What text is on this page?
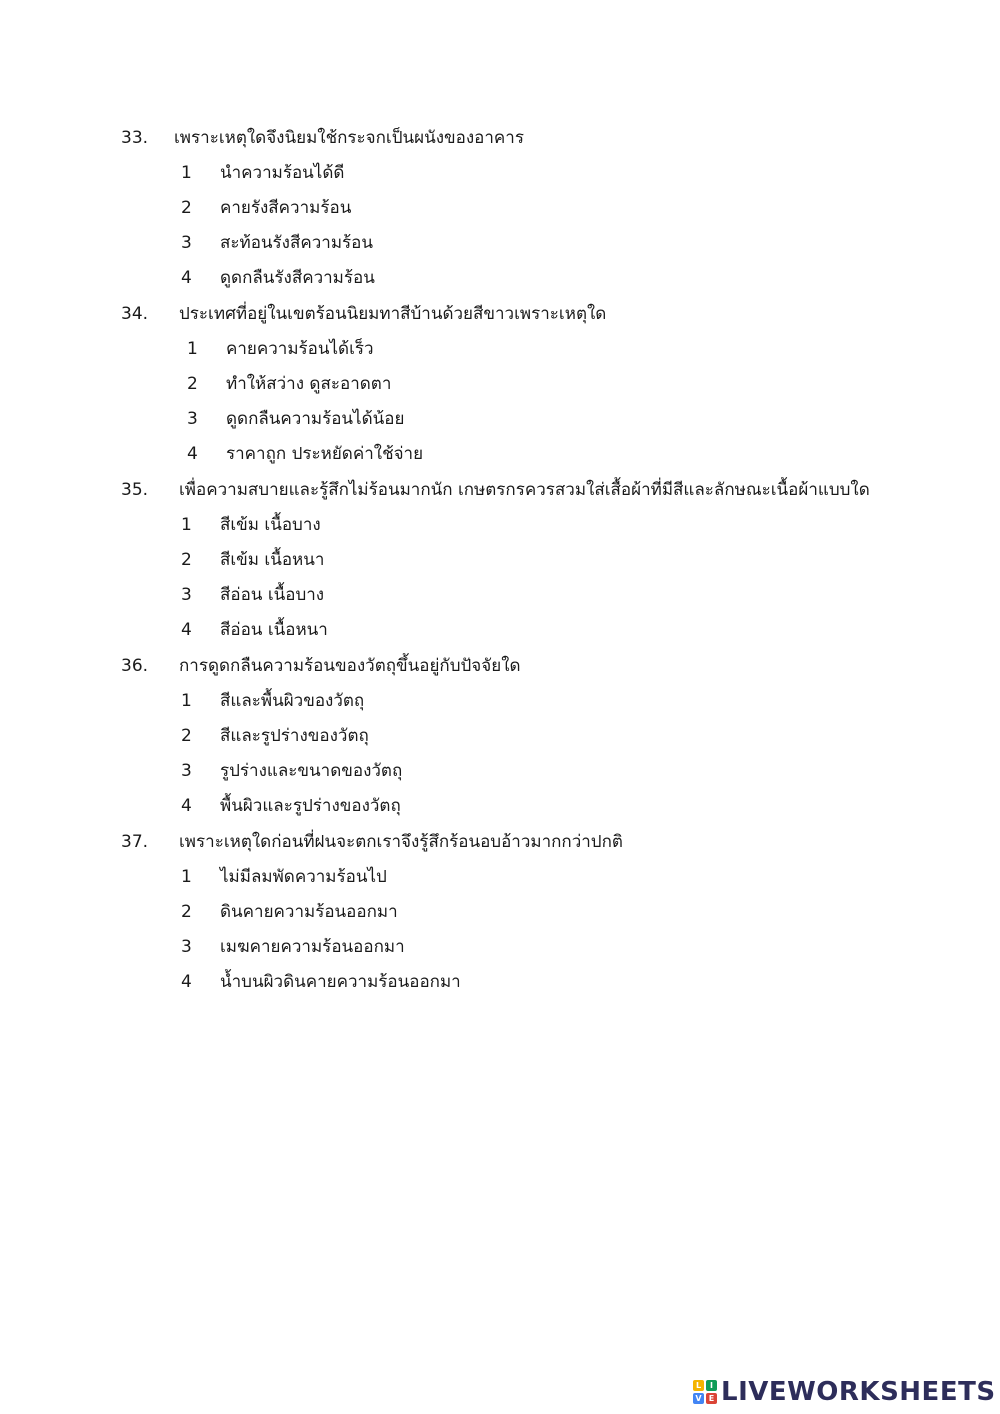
33. เพราะเหตุใดจึงนิยมใช้กระจกเป็นผนังของอาคาร
1 นำความร้อนได้ดี
2 คายรังสีความร้อน
3 สะท้อนรังสีความร้อน
4 ดูดกลืนรังสีความร้อน
34. ประเทศที่อยู่ในเขตร้อนนิยมทาสีบ้านด้วยสีขาวเพราะเหตุใด
1 คายความร้อนได้เร็ว
2 ทำให้สว่าง ดูสะอาดตา
3 ดูดกลืนความร้อนได้น้อย
4 ราคาถูก ประหยัดค่าใช้จ่าย
35. เพื่อความสบายและรู้สึกไม่ร้อนมากนัก เกษตรกรควรสวมใส่เสื้อผ้าที่มีสีและลักษณะเนื้อผ้าแบบใด
1 สีเข้ม เนื้อบาง
2 สีเข้ม เนื้อหนา
3 สีอ่อน เนื้อบาง
4 สีอ่อน เนื้อหนา
36. การดูดกลืนความร้อนของวัตถุขึ้นอยู่กับปัจจัยใด
1 สีและพื้นผิวของวัตถุ
2 สีและรูปร่างของวัตถุ
3 รูปร่างและขนาดของวัตถุ
4 พื้นผิวและรูปร่างของวัตถุ
37. เพราะเหตุใดก่อนที่ฝนจะตกเราจึงรู้สึกร้อนอบอ้าวมากกว่าปกติ
1 ไม่มีลมพัดความร้อนไป
2 ดินคายความร้อนออกมา
3 เมฆคายความร้อนออกมา
4 น้ำบนผิวดินคายความร้อนออกมา
L	I
V E LIVEWORKSHEETS
